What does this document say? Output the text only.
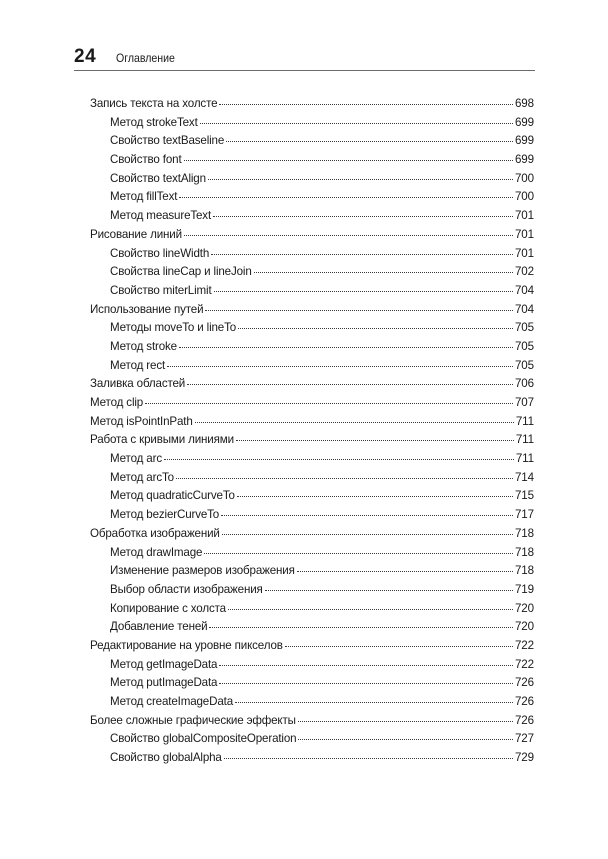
24 Оглавление
Запись текста на холсте	698
Метод strokeText	699
Свойство textBaseline	699
Свойство font	699
Свойство textAlign	700
Метод fillText	700
Метод measureText	701
Рисование линий	701
Свойство lineWidth	701
Свойства lineCap и lineJoin	702
Свойство miterLimit	704
Использование путей	704
Методы moveTo и lineTo	705
Метод stroke	705
Метод rect	705
Заливка областей	706
Метод clip	707
Метод isPointInPath	711
Работа с кривыми линиями	711
Метод arc	711
Метод arcTo	714
Метод quadraticCurveTo	715
Метод bezierCurveTo	717
Обработка изображений	718
Метод drawImage	718
Изменение размеров изображения	718
Выбор области изображения	719
Копирование с холста	720
Добавление теней	720
Редактирование на уровне пикселов	722
Метод getImageData	722
Метод putImageData	726
Метод createImageData	726
Более сложные графические эффекты	726
Свойство globalCompositeOperation	727
Свойство globalAlpha	729
